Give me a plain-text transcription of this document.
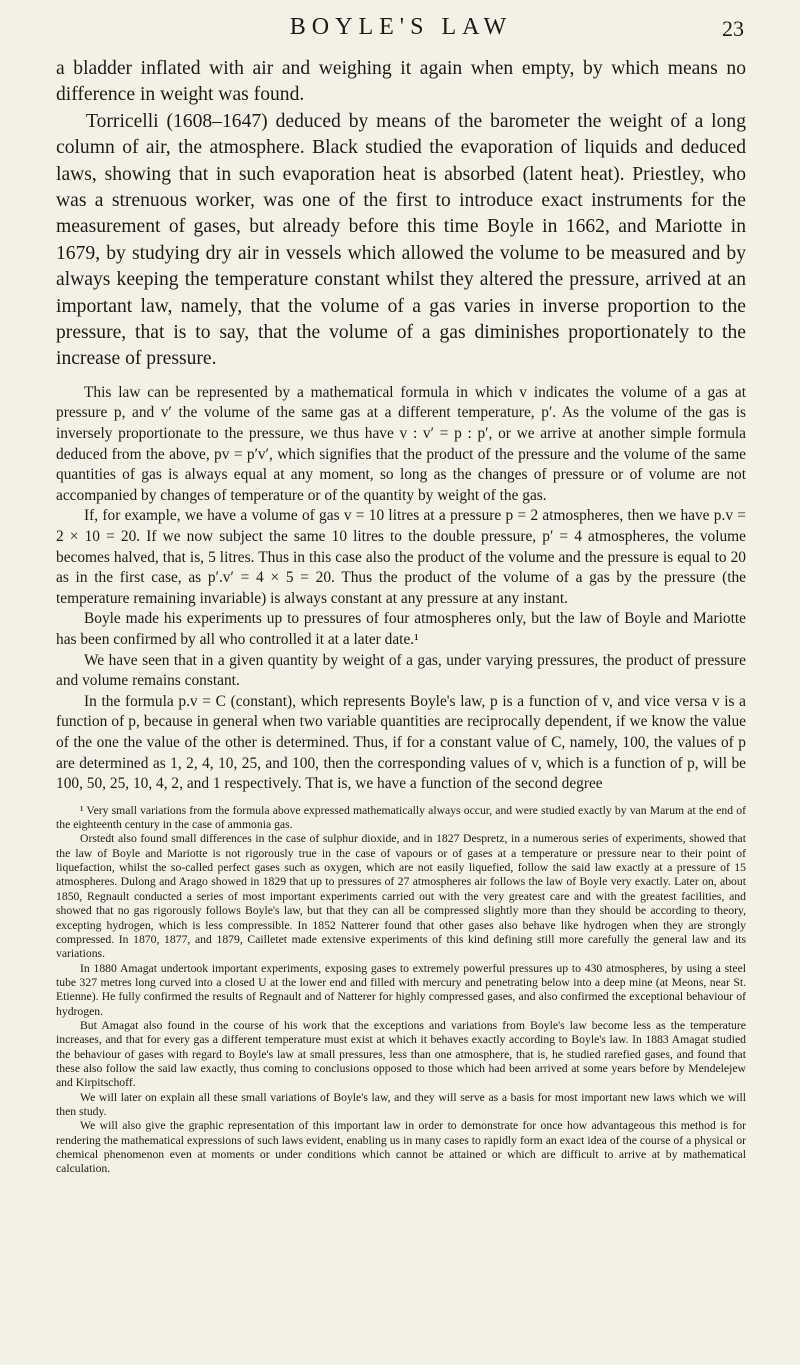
BOYLE'S LAW	23

a bladder inflated with air and weighing it again when empty, by which means no difference in weight was found.

Torricelli (1608–1647) deduced by means of the barometer the weight of a long column of air, the atmosphere. Black studied the evaporation of liquids and deduced laws, showing that in such evaporation heat is absorbed (latent heat). Priestley, who was a strenuous worker, was one of the first to introduce exact instruments for the measurement of gases, but already before this time Boyle in 1662, and Mariotte in 1679, by studying dry air in vessels which allowed the volume to be measured and by always keeping the temperature constant whilst they altered the pressure, arrived at an important law, namely, that the volume of a gas varies in inverse proportion to the pressure, that is to say, that the volume of a gas diminishes proportionately to the increase of pressure.

This law can be represented by a mathematical formula in which v indicates the volume of a gas at pressure p, and v′ the volume of the same gas at a different temperature, p′. As the volume of the gas is inversely proportionate to the pressure, we thus have v : v′ = p : p′, or we arrive at another simple formula deduced from the above, pv = p′v′, which signifies that the product of the pressure and the volume of the same quantities of gas is always equal at any moment, so long as the changes of pressure or of volume are not accompanied by changes of temperature or of the quantity by weight of the gas.

If, for example, we have a volume of gas v = 10 litres at a pressure p = 2 atmospheres, then we have p.v = 2 × 10 = 20. If we now subject the same 10 litres to the double pressure, p′ = 4 atmospheres, the volume becomes halved, that is, 5 litres. Thus in this case also the product of the volume and the pressure is equal to 20 as in the first case, as p′.v′ = 4 × 5 = 20. Thus the product of the volume of a gas by the pressure (the temperature remaining invariable) is always constant at any pressure at any instant.

Boyle made his experiments up to pressures of four atmospheres only, but the law of Boyle and Mariotte has been confirmed by all who controlled it at a later date.¹

We have seen that in a given quantity by weight of a gas, under varying pressures, the product of pressure and volume remains constant.

In the formula p.v = C (constant), which represents Boyle's law, p is a function of v, and vice versa v is a function of p, because in general when two variable quantities are reciprocally dependent, if we know the value of the one the value of the other is determined. Thus, if for a constant value of C, namely, 100, the values of p are determined as 1, 2, 4, 10, 25, and 100, then the corresponding values of v, which is a function of p, will be 100, 50, 25, 10, 4, 2, and 1 respectively. That is, we have a function of the second degree

¹ Very small variations from the formula above expressed mathematically always occur, and were studied exactly by van Marum at the end of the eighteenth century in the case of ammonia gas.

Orstedt also found small differences in the case of sulphur dioxide, and in 1827 Despretz, in a numerous series of experiments, showed that the law of Boyle and Mariotte is not rigorously true in the case of vapours or of gases at a temperature or pressure near to their point of liquefaction, whilst the so-called perfect gases such as oxygen, which are not easily liquefied, follow the said law exactly at a pressure of 15 atmospheres. Dulong and Arago showed in 1829 that up to pressures of 27 atmospheres air follows the law of Boyle very exactly. Later on, about 1850, Regnault conducted a series of most important experiments carried out with the very greatest care and with the greatest facilities, and showed that no gas rigorously follows Boyle's law, but that they can all be compressed slightly more than they should be according to theory, excepting hydrogen, which is less compressible. In 1852 Natterer found that other gases also behave like hydrogen when they are strongly compressed. In 1870, 1877, and 1879, Cailletet made extensive experiments of this kind defining still more carefully the general law and its variations.

In 1880 Amagat undertook important experiments, exposing gases to extremely powerful pressures up to 430 atmospheres, by using a steel tube 327 metres long curved into a closed U at the lower end and filled with mercury and penetrating below into a deep mine (at Meons, near St. Etienne). He fully confirmed the results of Regnault and of Natterer for highly compressed gases, and also confirmed the exceptional behaviour of hydrogen.

But Amagat also found in the course of his work that the exceptions and variations from Boyle's law become less as the temperature increases, and that for every gas a different temperature must exist at which it behaves exactly according to Boyle's law. In 1883 Amagat studied the behaviour of gases with regard to Boyle's law at small pressures, less than one atmosphere, that is, he studied rarefied gases, and found that these also follow the said law exactly, thus coming to conclusions opposed to those which had been arrived at some years before by Mendelejew and Kirpitschoff.

We will later on explain all these small variations of Boyle's law, and they will serve as a basis for most important new laws which we will then study.

We will also give the graphic representation of this important law in order to demonstrate for once how advantageous this method is for rendering the mathematical expressions of such laws evident, enabling us in many cases to rapidly form an exact idea of the course of a physical or chemical phenomenon even at moments or under conditions which cannot be attained or which are difficult to arrive at by mathematical calculation.
